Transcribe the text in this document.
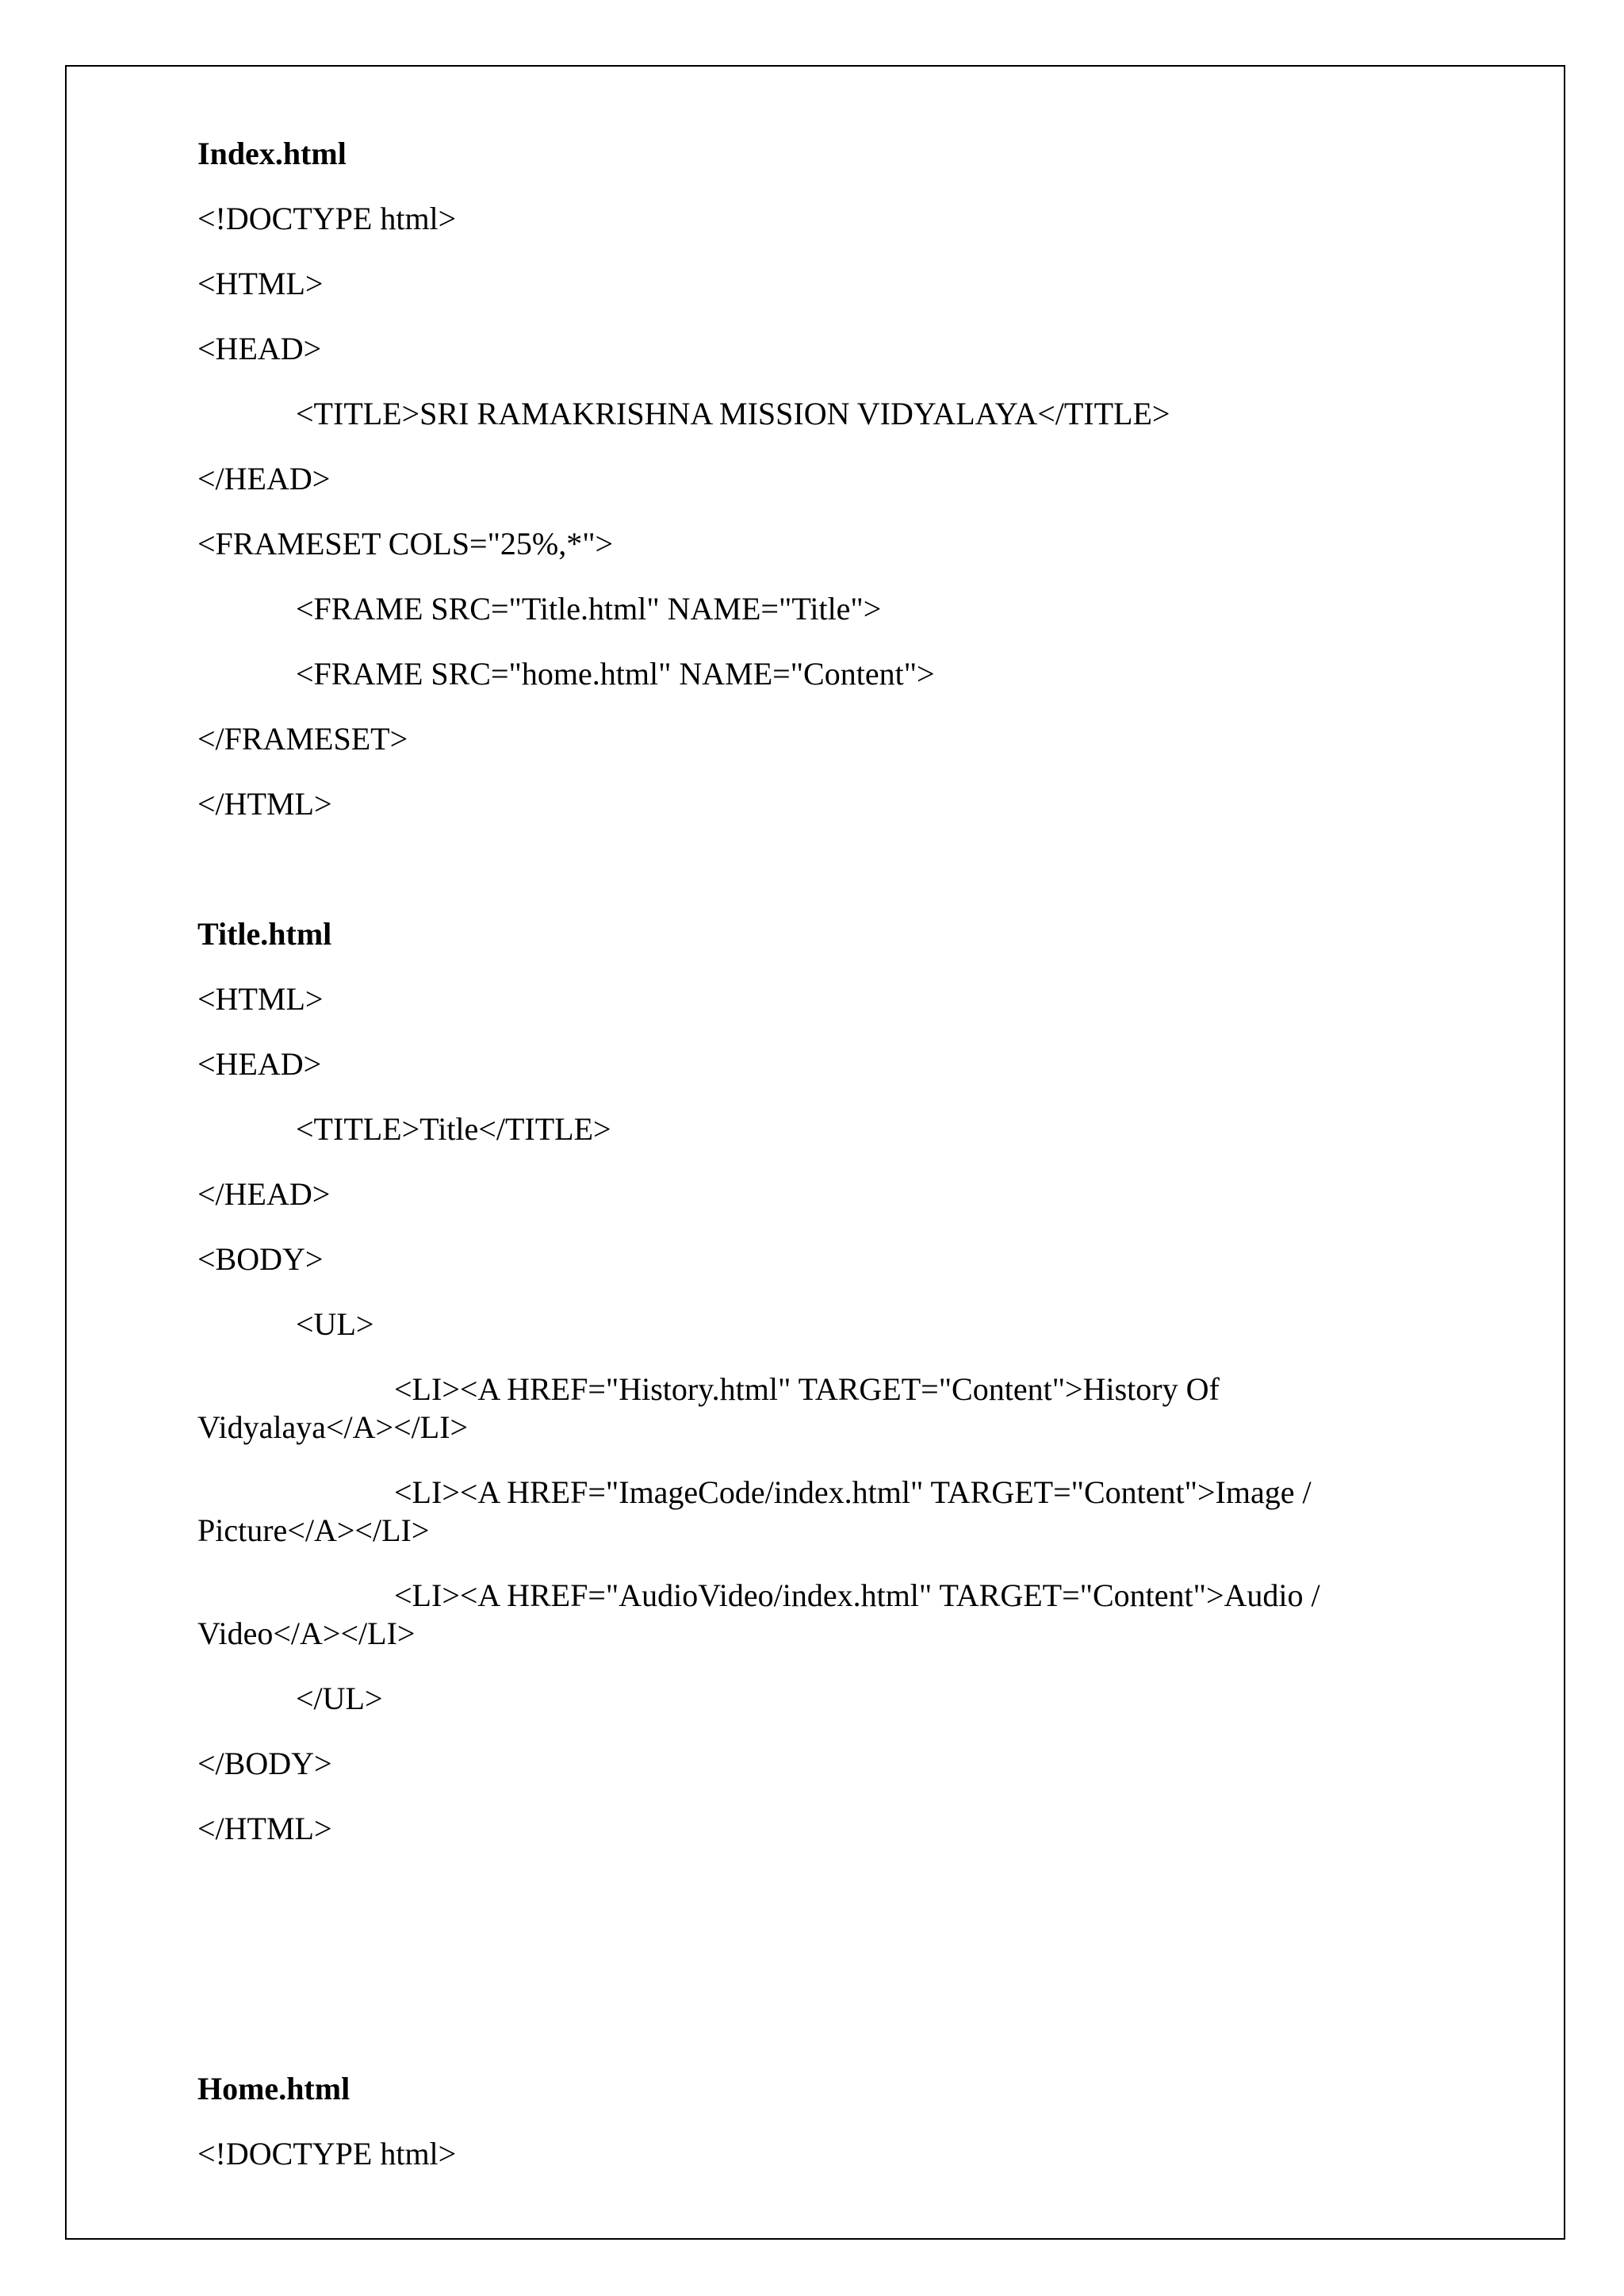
Index.html
<!DOCTYPE html>
<HTML>
<HEAD>
<TITLE>SRI RAMAKRISHNA MISSION VIDYALAYA</TITLE>
</HEAD>
<FRAMESET COLS="25%,*">
<FRAME SRC="Title.html" NAME="Title">
<FRAME SRC="home.html" NAME="Content">
</FRAMESET>
</HTML>
Title.html
<HTML>
<HEAD>
<TITLE>Title</TITLE>
</HEAD>
<BODY>
<UL>
<LI><A HREF="History.html" TARGET="Content">History Of Vidyalaya</A></LI>
<LI><A HREF="ImageCode/index.html" TARGET="Content">Image / Picture</A></LI>
<LI><A HREF="AudioVideo/index.html" TARGET="Content">Audio / Video</A></LI>
</UL>
</BODY>
</HTML>
Home.html
<!DOCTYPE html>
